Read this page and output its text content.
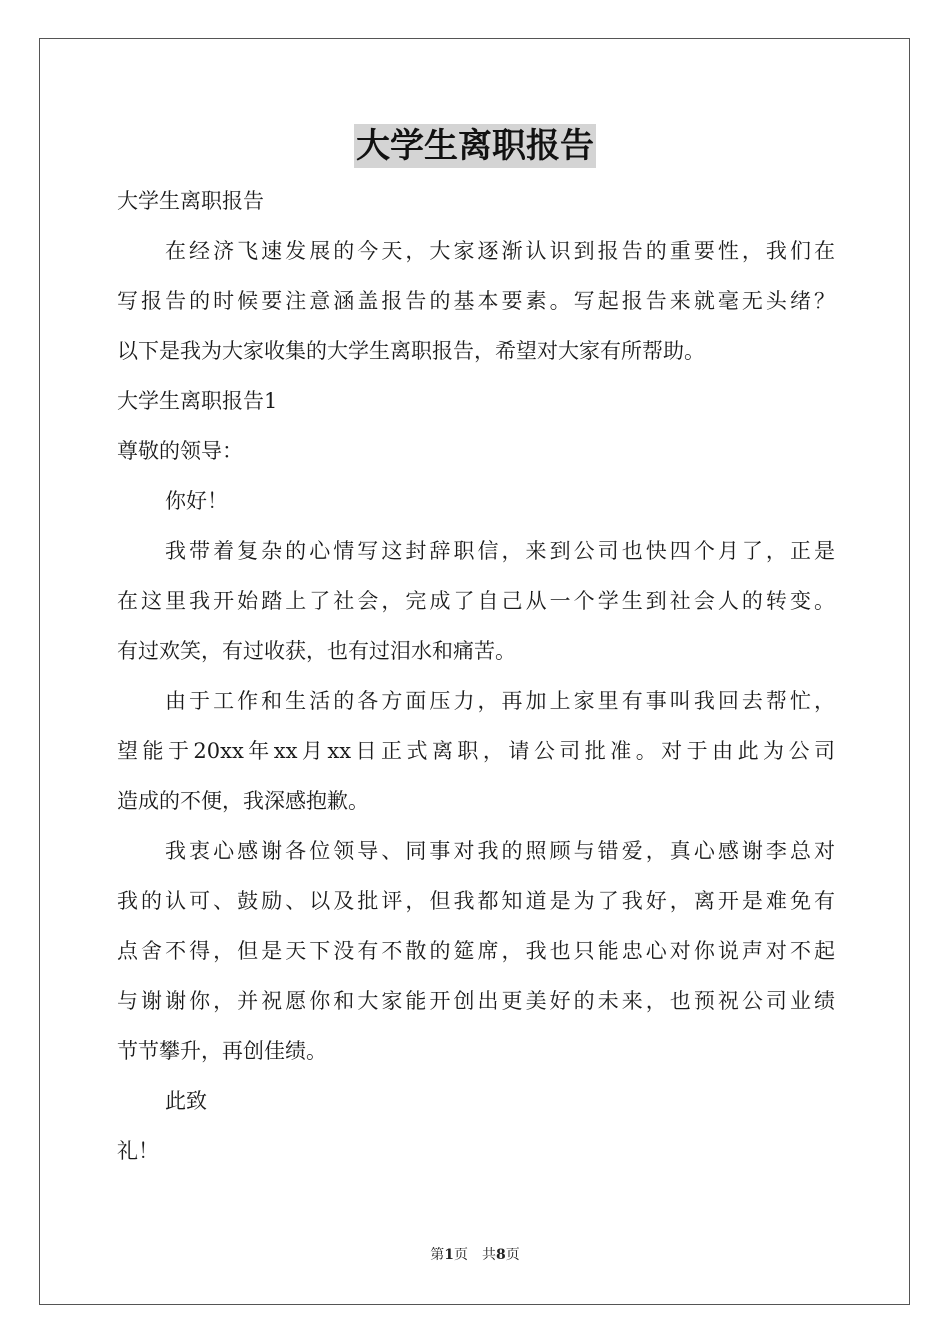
大学生离职报告
大学生离职报告
在经济飞速发展的今天，大家逐渐认识到报告的重要性，我们在
写报告的时候要注意涵盖报告的基本要素。写起报告来就毫无头绪？
以下是我为大家收集的大学生离职报告，希望对大家有所帮助。
大学生离职报告1
尊敬的领导：
你好！
我带着复杂的心情写这封辞职信，来到公司也快四个月了，正是
在这里我开始踏上了社会，完成了自己从一个学生到社会人的转变。
有过欢笑，有过收获，也有过泪水和痛苦。
由于工作和生活的各方面压力，再加上家里有事叫我回去帮忙，
望能于20xx年xx月xx日正式离职，请公司批准。对于由此为公司
造成的不便，我深感抱歉。
我衷心感谢各位领导、同事对我的照顾与错爱，真心感谢李总对
我的认可、鼓励、以及批评，但我都知道是为了我好，离开是难免有
点舍不得，但是天下没有不散的筵席，我也只能忠心对你说声对不起
与谢谢你，并祝愿你和大家能开创出更美好的未来，也预祝公司业绩
节节攀升，再创佳绩。
此致
礼！
第1页　共8页
